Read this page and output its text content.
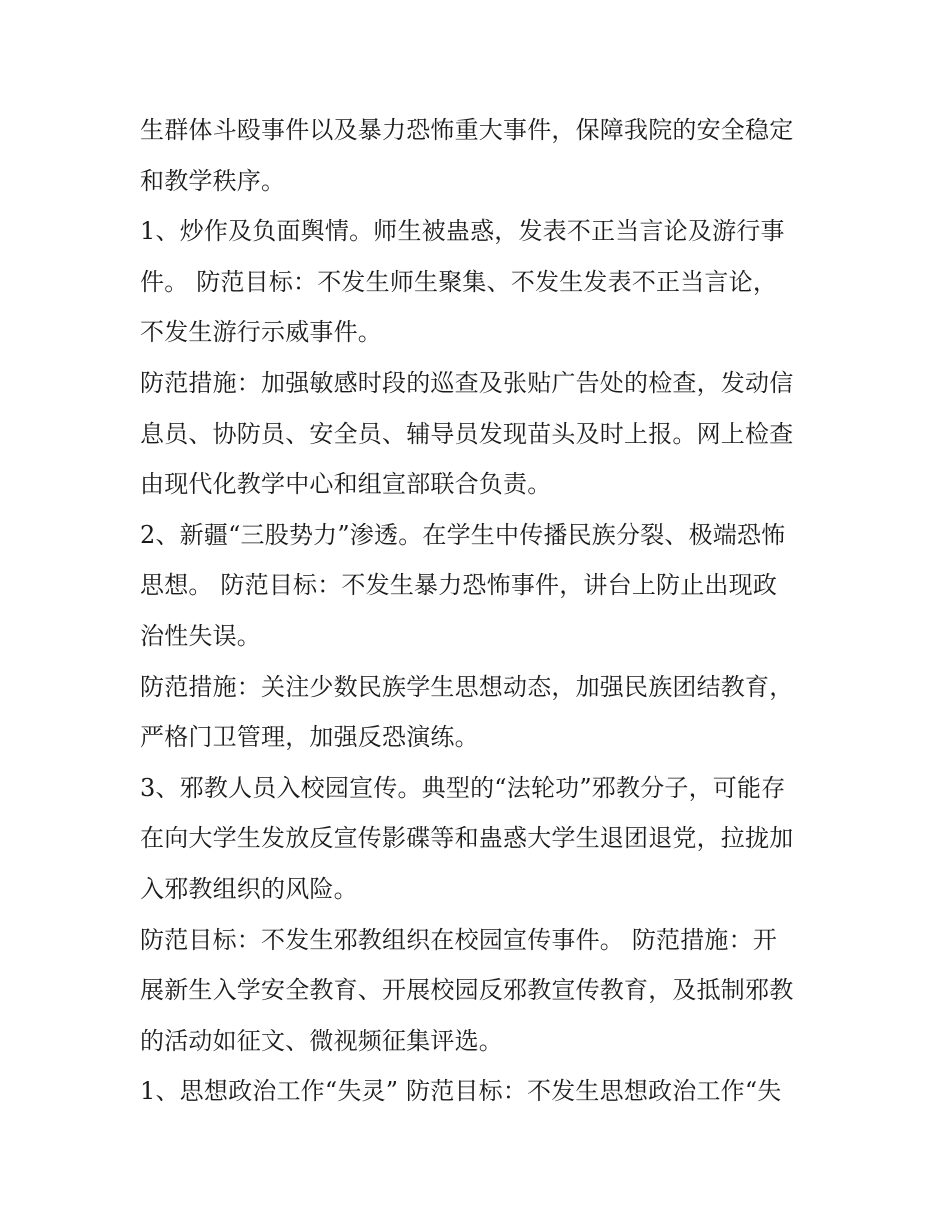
生群体斗殴事件以及暴力恐怖重大事件，保障我院的安全稳定
和教学秩序。
1、炒作及负面舆情。师生被蛊惑，发表不正当言论及游行事
件。 防范目标：不发生师生聚集、不发生发表不正当言论，
不发生游行示威事件。
防范措施：加强敏感时段的巡查及张贴广告处的检查，发动信
息员、协防员、安全员、辅导员发现苗头及时上报。网上检查
由现代化教学中心和组宣部联合负责。
2、新疆“三股势力”渗透。在学生中传播民族分裂、极端恐怖
思想。 防范目标：不发生暴力恐怖事件，讲台上防止出现政
治性失误。
防范措施：关注少数民族学生思想动态，加强民族团结教育，
严格门卫管理，加强反恐演练。
3、邪教人员入校园宣传。典型的“法轮功”邪教分子，可能存
在向大学生发放反宣传影碟等和蛊惑大学生退团退党，拉拢加
入邪教组织的风险。
防范目标：不发生邪教组织在校园宣传事件。 防范措施：开
展新生入学安全教育、开展校园反邪教宣传教育，及抵制邪教
的活动如征文、微视频征集评选。
1、思想政治工作“失灵” 防范目标：不发生思想政治工作“失
